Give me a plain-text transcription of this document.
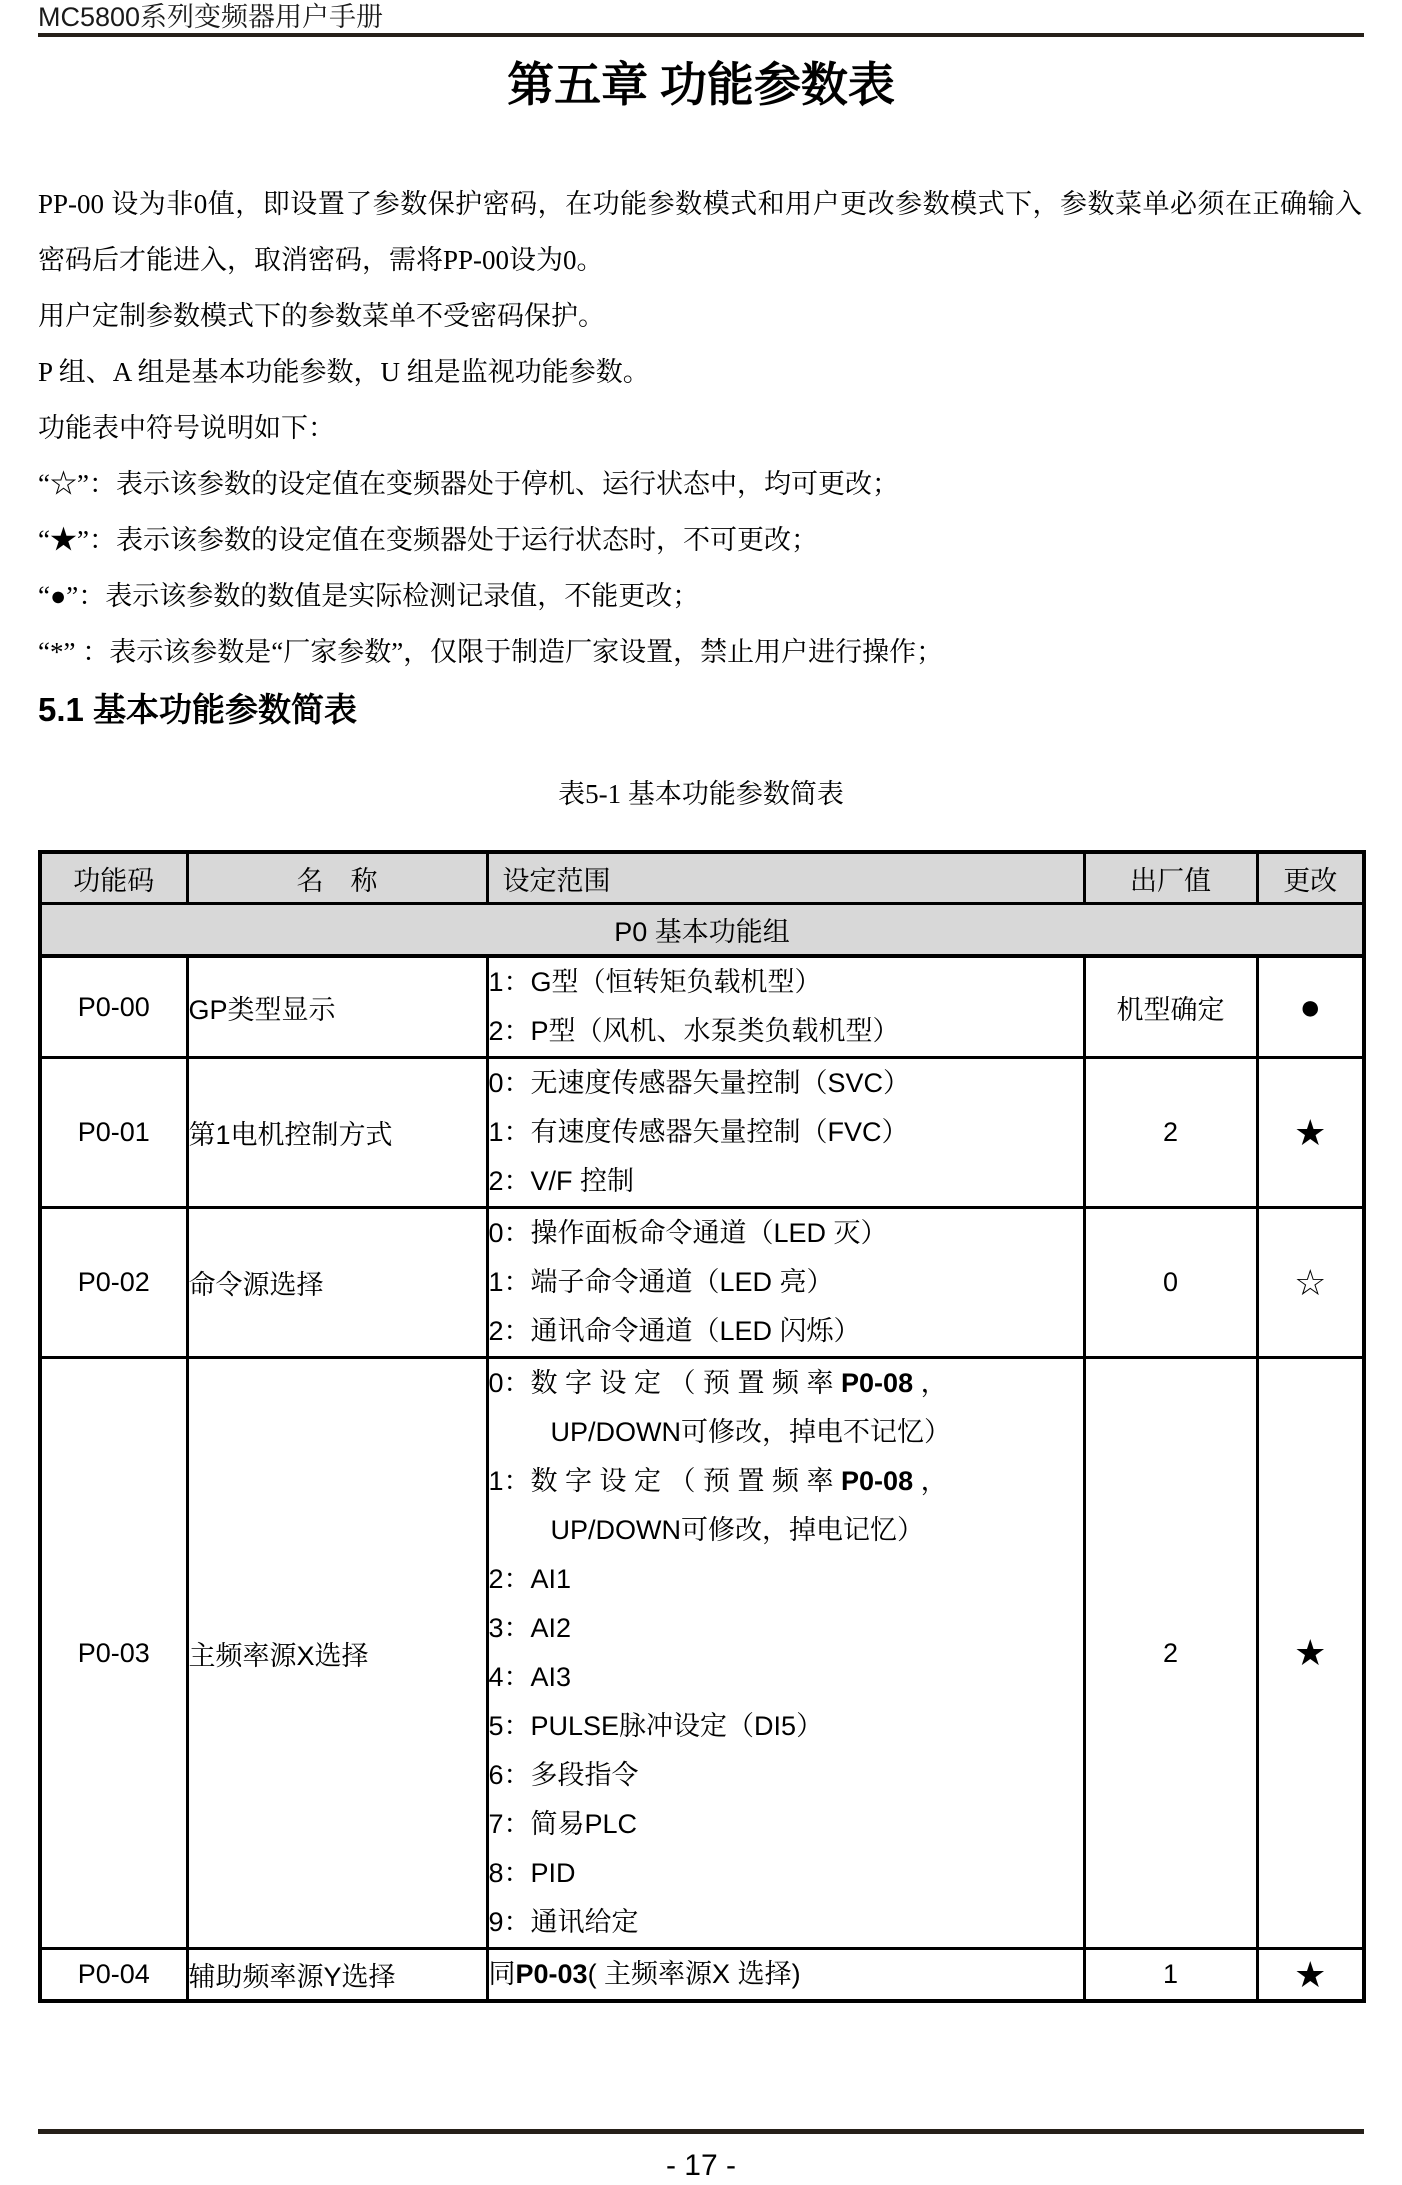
MC5800系列变频器用户手册
第五章 功能参数表

PP-00 设为非0值，即设置了参数保护密码，在功能参数模式和用户更改参数模式下，参数菜单必须在正确输入密码后才能进入，取消密码，需将PP-00设为0。

用户定制参数模式下的参数菜单不受密码保护。

P 组、A 组是基本功能参数，U 组是监视功能参数。

功能表中符号说明如下：

“☆”：表示该参数的设定值在变频器处于停机、运行状态中，均可更改；

“★”：表示该参数的设定值在变频器处于运行状态时，不可更改；

“●”：表示该参数的数值是实际检测记录值，不能更改；

“*” ：表示该参数是“厂家参数”，仅限于制造厂家设置，禁止用户进行操作；

5.1 基本功能参数简表
表5-1 基本功能参数简表
功能码	名　称	设定范围	出厂值	更改
P0 基本功能组				
P0-00	GP类型显示	1：G型（恒转矩负载机型）
2：P型（风机、水泵类负载机型）	机型确定	●
P0-01	第1电机控制方式	0：无速度传感器矢量控制（SVC）
1：有速度传感器矢量控制（FVC）
2：V/F 控制	2	★
P0-02	命令源选择	0：操作面板命令通道（LED 灭）
1：端子命令通道（LED 亮）
2：通讯命令通道（LED 闪烁）	0	☆
P0-03	主频率源X选择	
0：数 字 设 定 （ 预 置 频 率 P0-08 ，
UP/DOWN可修改，掉电不记忆）
1：数 字 设 定 （ 预 置 频 率 P0-08 ，
UP/DOWN可修改，掉电记忆）
2：AI1
3：AI2
4：AI3
5：PULSE脉冲设定（DI5）
6：多段指令
7：简易PLC
8：PID
9：通讯给定
	2	★
P0-04	辅助频率源Y选择	同P0-03( 主频率源X 选择)	1	★
- 17 -
